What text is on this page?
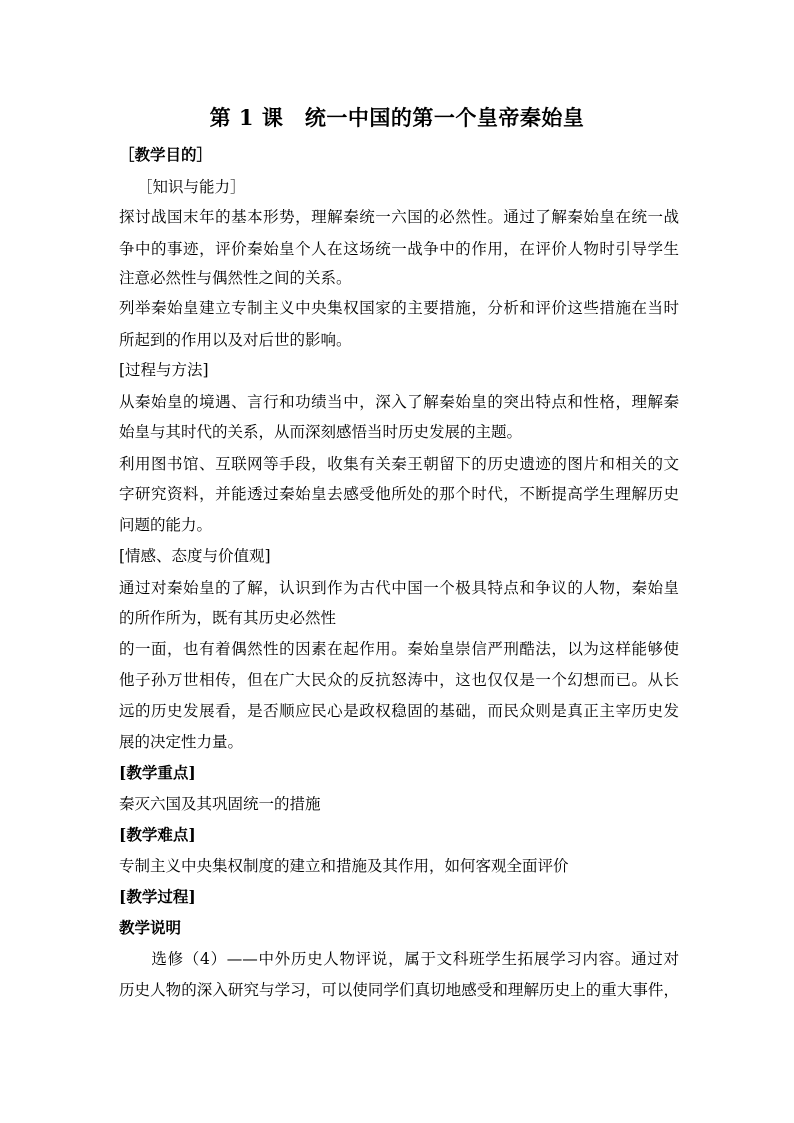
第 1 课　统一中国的第一个皇帝秦始皇
［教学目的］
［知识与能力］
探讨战国末年的基本形势，理解秦统一六国的必然性。通过了解秦始皇在统一战
争中的事迹，评价秦始皇个人在这场统一战争中的作用，在评价人物时引导学生
注意必然性与偶然性之间的关系。
列举秦始皇建立专制主义中央集权国家的主要措施，分析和评价这些措施在当时
所起到的作用以及对后世的影响。
[过程与方法]
从秦始皇的境遇、言行和功绩当中，深入了解秦始皇的突出特点和性格，理解秦
始皇与其时代的关系，从而深刻感悟当时历史发展的主题。
利用图书馆、互联网等手段，收集有关秦王朝留下的历史遗迹的图片和相关的文
字研究资料，并能透过秦始皇去感受他所处的那个时代，不断提高学生理解历史
问题的能力。
[情感、态度与价值观]
通过对秦始皇的了解，认识到作为古代中国一个极具特点和争议的人物，秦始皇
的所作所为，既有其历史必然性
的一面，也有着偶然性的因素在起作用。秦始皇崇信严刑酷法，以为这样能够使
他子孙万世相传，但在广大民众的反抗怒涛中，这也仅仅是一个幻想而已。从长
远的历史发展看，是否顺应民心是政权稳固的基础，而民众则是真正主宰历史发
展的决定性力量。
[教学重点]
秦灭六国及其巩固统一的措施
[教学难点]
专制主义中央集权制度的建立和措施及其作用，如何客观全面评价
[教学过程]
教学说明
　　选修（4）——中外历史人物评说，属于文科班学生拓展学习内容。通过对
历史人物的深入研究与学习，可以使同学们真切地感受和理解历史上的重大事件，
